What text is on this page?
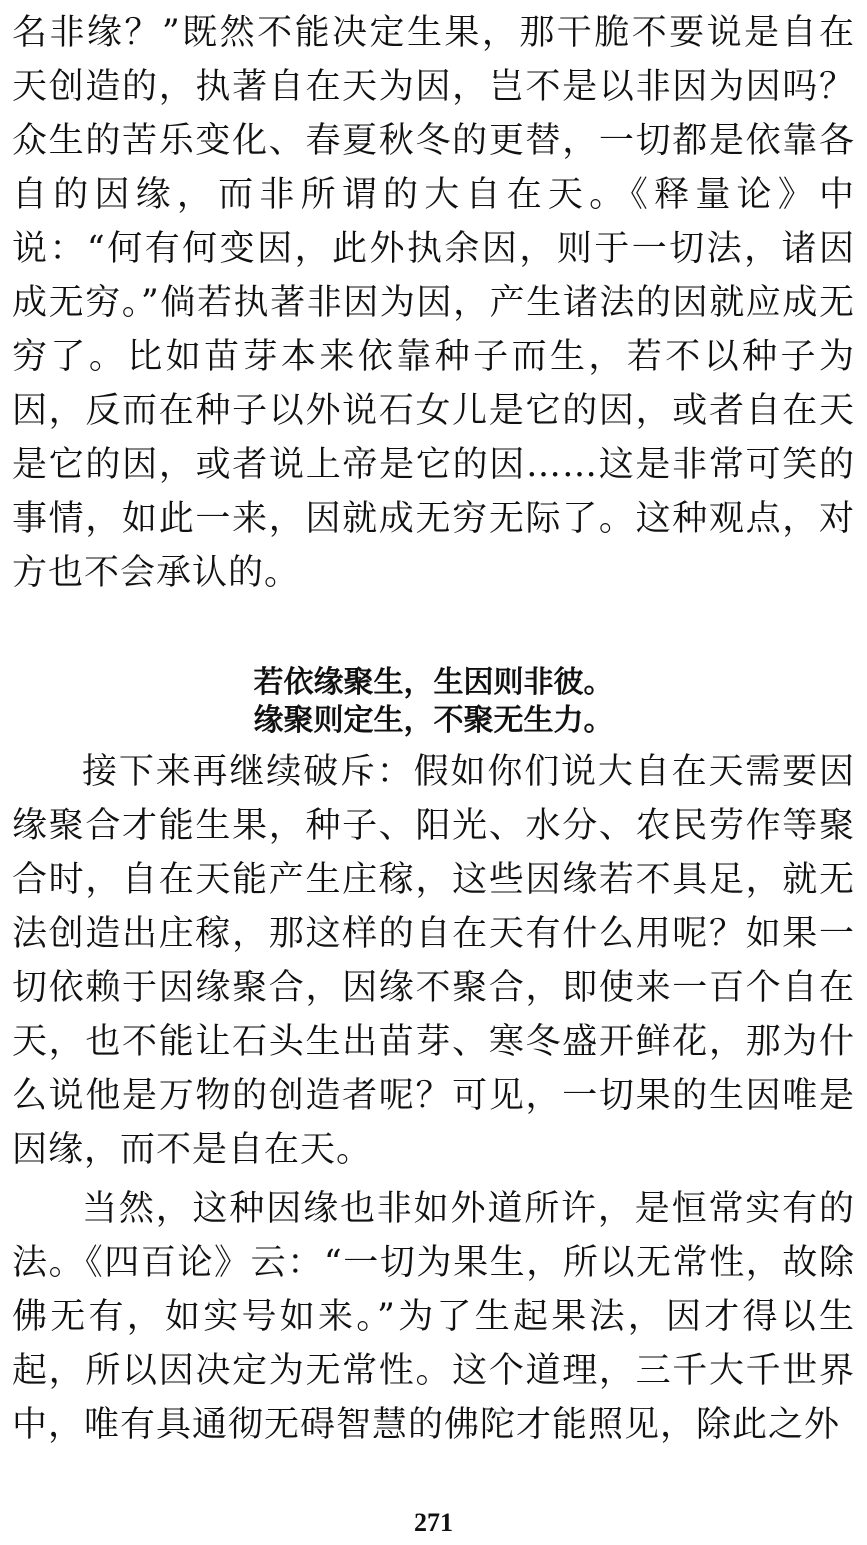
名非缘？”既然不能决定生果，那干脆不要说是自在天创造的，执著自在天为因，岂不是以非因为因吗？众生的苦乐变化、春夏秋冬的更替，一切都是依靠各自的因缘，而非所谓的大自在天。《释量论》中说：“何有何变因，此外执余因，则于一切法，诸因成无穷。”倘若执著非因为因，产生诸法的因就应成无穷了。比如苗芽本来依靠种子而生，若不以种子为因，反而在种子以外说石女儿是它的因，或者自在天是它的因，或者说上帝是它的因……这是非常可笑的事情，如此一来，因就成无穷无际了。这种观点，对方也不会承认的。

若依缘聚生，生因则非彼。
缘聚则定生，不聚无生力。

接下来再继续破斥：假如你们说大自在天需要因缘聚合才能生果，种子、阳光、水分、农民劳作等聚合时，自在天能产生庄稼，这些因缘若不具足，就无法创造出庄稼，那这样的自在天有什么用呢？如果一切依赖于因缘聚合，因缘不聚合，即使来一百个自在天，也不能让石头生出苗芽、寒冬盛开鲜花，那为什么说他是万物的创造者呢？可见，一切果的生因唯是因缘，而不是自在天。

当然，这种因缘也非如外道所许，是恒常实有的法。《四百论》云：“一切为果生，所以无常性，故除佛无有，如实号如来。”为了生起果法，因才得以生起，所以因决定为无常性。这个道理，三千大千世界中，唯有具通彻无碍智慧的佛陀才能照见，除此之外

271
